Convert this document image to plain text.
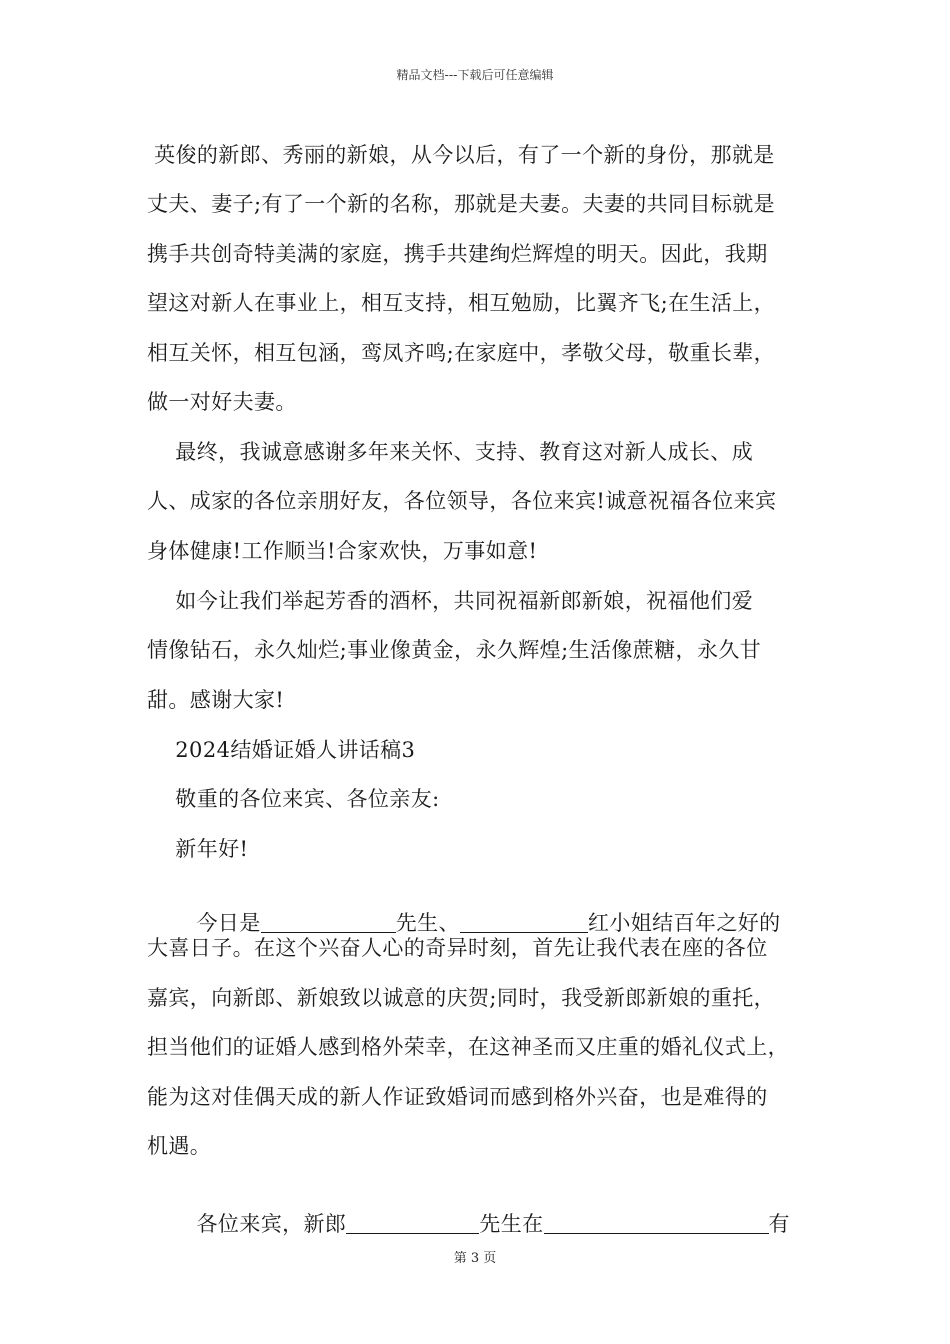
精品文档---下载后可任意编辑
英俊的新郎、秀丽的新娘，从今以后，有了一个新的身份，那就是
丈夫、妻子;有了一个新的名称，那就是夫妻。夫妻的共同目标就是
携手共创奇特美满的家庭，携手共建绚烂辉煌的明天。因此，我期
望这对新人在事业上，相互支持，相互勉励，比翼齐飞;在生活上，
相互关怀，相互包涵，鸾凤齐鸣;在家庭中，孝敬父母，敬重长辈，
做一对好夫妻。
最终，我诚意感谢多年来关怀、支持、教育这对新人成长、成
人、成家的各位亲朋好友，各位领导，各位来宾!诚意祝福各位来宾
身体健康!工作顺当!合家欢快，万事如意!
如今让我们举起芳香的酒杯，共同祝福新郎新娘，祝福他们爱
情像钻石，永久灿烂;事业像黄金，永久辉煌;生活像蔗糖，永久甘
甜。感谢大家!
2024结婚证婚人讲话稿3
敬重的各位来宾、各位亲友:
新年好!

今日是	先生、	红小姐结百年之好的

大喜日子。在这个兴奋人心的奇异时刻，首先让我代表在座的各位
嘉宾，向新郎、新娘致以诚意的庆贺;同时，我受新郎新娘的重托，
担当他们的证婚人感到格外荣幸，在这神圣而又庄重的婚礼仪式上，
能为这对佳偶天成的新人作证致婚词而感到格外兴奋，也是难得的
机遇。

各位来宾，新郎	先生在	有

第 3 页
